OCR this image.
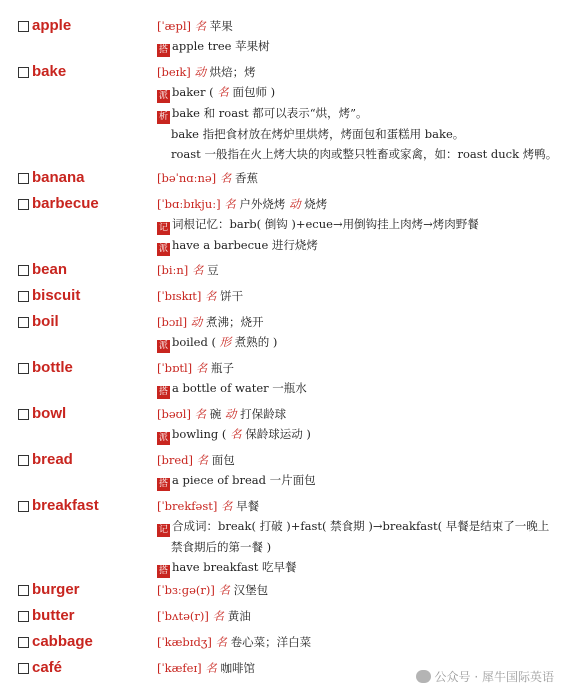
apple	[ˈæpl] 名 苹果
搭 apple tree 苹果树
bake	[beɪk] 动 烘焙；烤
派 baker ( 名 面包师 )
析 bake 和 roast 都可以表示“烘，烤”。
bake 指把食材放在烤炉里烘烤，烤面包和蛋糕用 bake。
roast 一般指在火上烤大块的肉或整只牲畜或家禽，如：roast duck 烤鸭。
banana	[bəˈnɑːnə] 名 香蕉
barbecue	[ˈbɑːbɪkjuː] 名 户外烧烤 动 烧烤
记 词根记忆：barb( 倒钩 )+ecue→用倒钩挂上肉烤→烤肉野餐
派 have a barbecue 进行烧烤
bean	[biːn] 名 豆
biscuit	[ˈbɪskɪt] 名 饼干
boil	[bɔɪl] 动 煮沸；烧开
派 boiled ( 形 煮熟的 )
bottle	[ˈbɒtl] 名 瓶子
搭 a bottle of water 一瓶水
bowl	[bəʊl] 名 碗 动 打保龄球
派 bowling ( 名 保龄球运动 )
bread	[bred] 名 面包
搭 a piece of bread 一片面包
breakfast	[ˈbrekfəst] 名 早餐
记 合成词：break( 打破 )+fast( 禁食期 )→breakfast( 早餐是结束了一晚上
禁食期后的第一餐 )
搭 have breakfast 吃早餐
burger	[ˈbɜːɡə(r)] 名 汉堡包
butter	[ˈbʌtə(r)] 名 黄油
cabbage	[ˈkæbɪdʒ] 名 卷心菜；洋白菜
café	[ˈkæfeɪ] 名 咖啡馆
公众号 · 犀牛国际英语
